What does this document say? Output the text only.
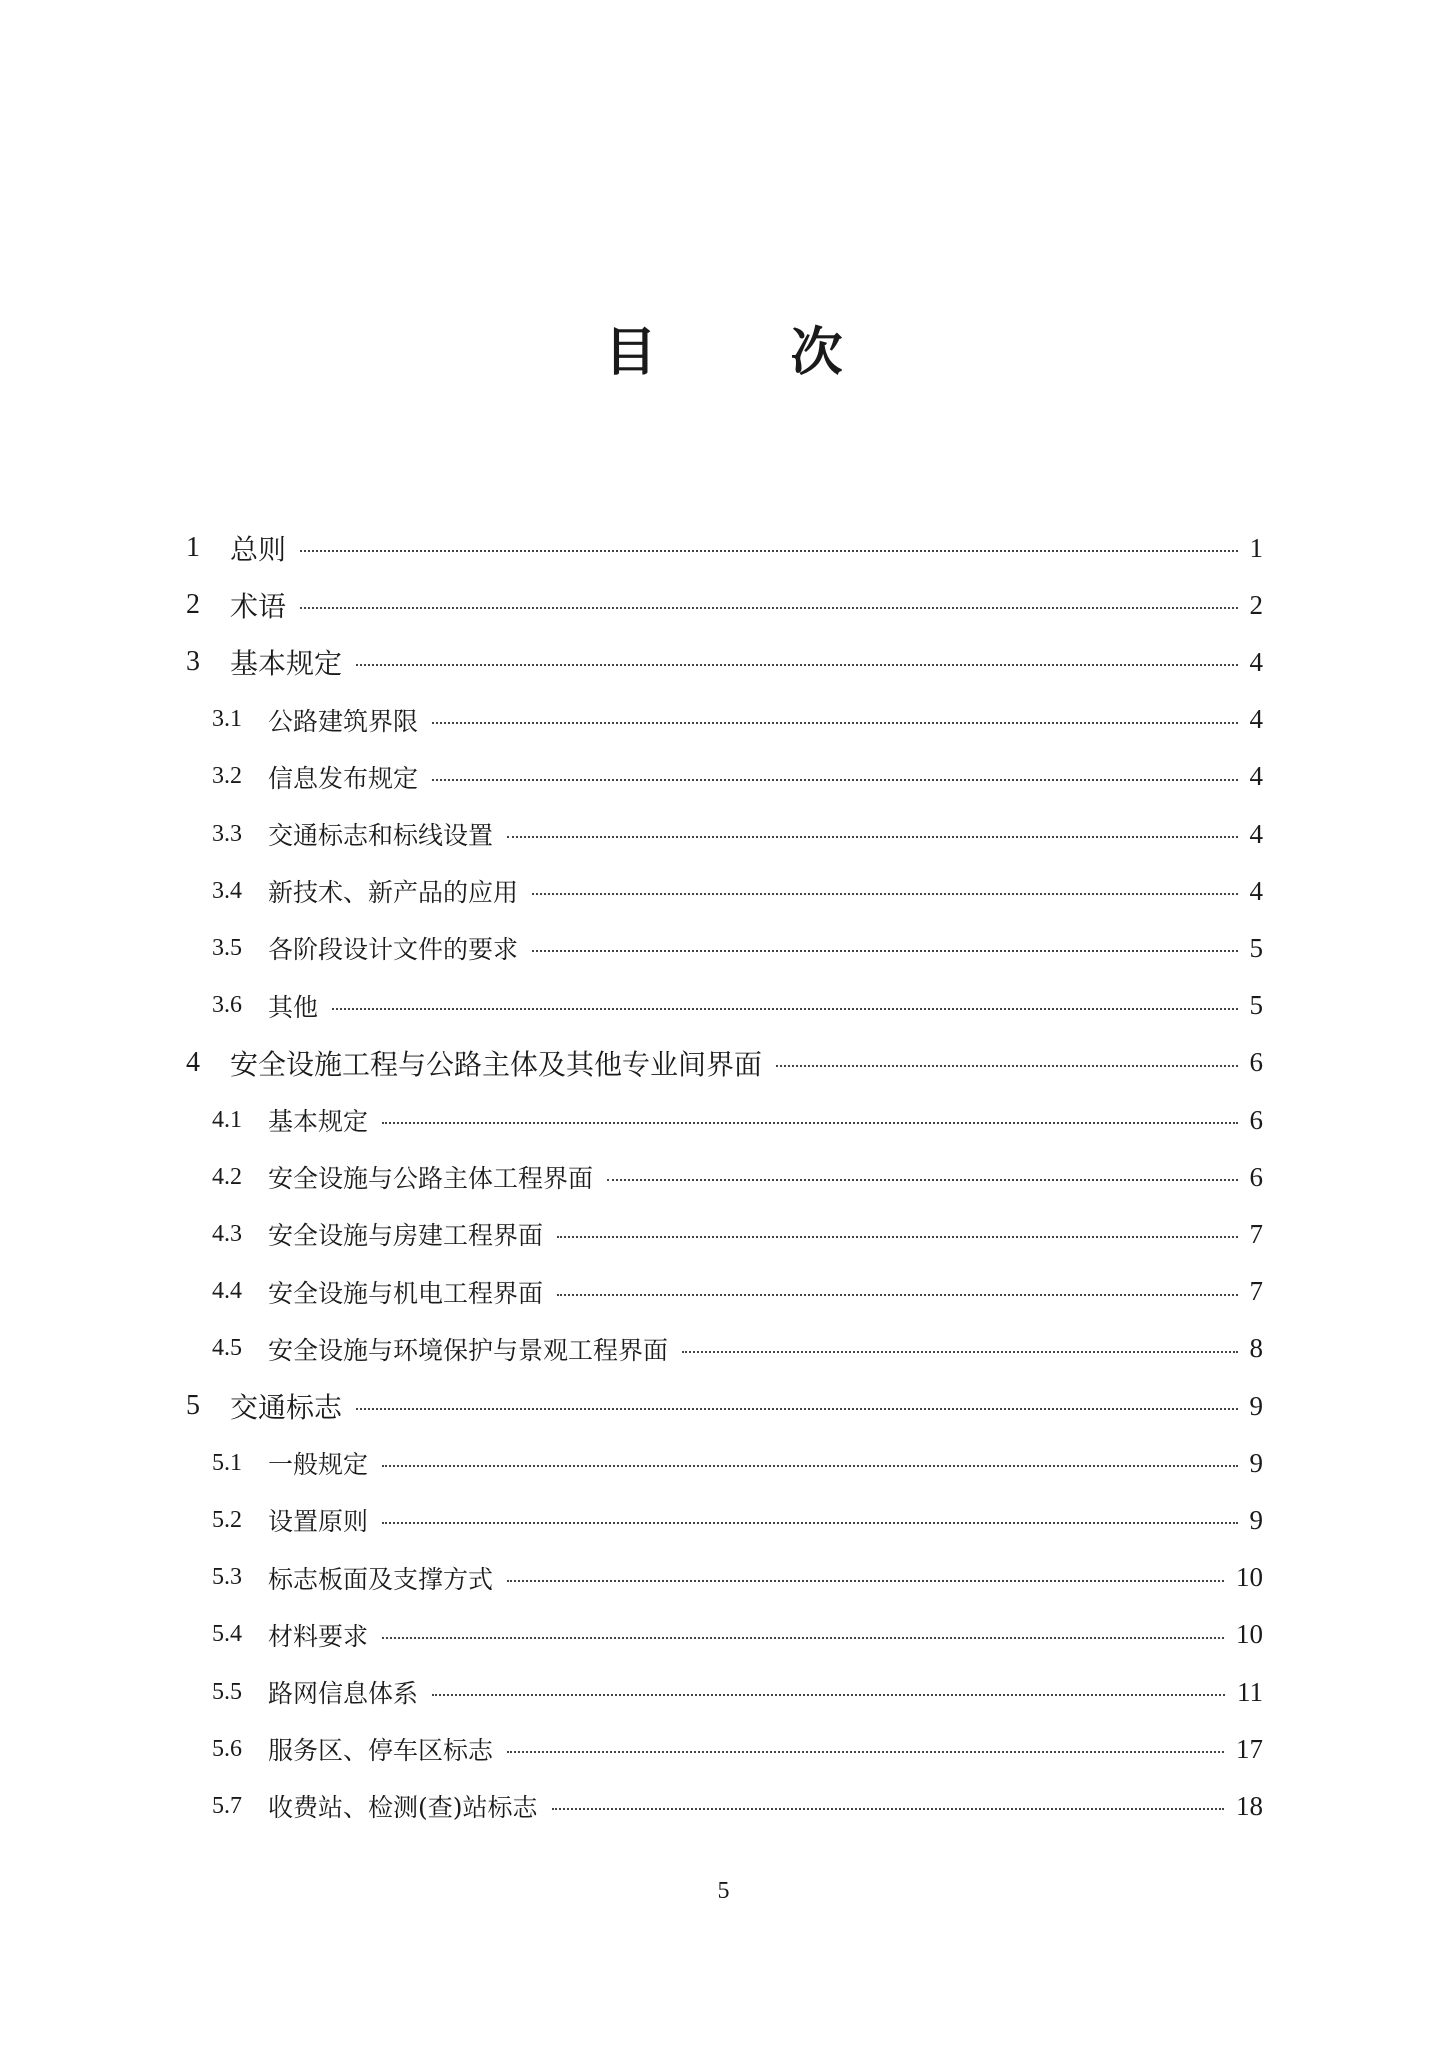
目 次
1 总则	1
2 术语	2
3 基本规定	4
3.1 公路建筑界限	4
3.2 信息发布规定	4
3.3 交通标志和标线设置	4
3.4 新技术、新产品的应用	4
3.5 各阶段设计文件的要求	5
3.6 其他	5
4 安全设施工程与公路主体及其他专业间界面	6
4.1 基本规定	6
4.2 安全设施与公路主体工程界面	6
4.3 安全设施与房建工程界面	7
4.4 安全设施与机电工程界面	7
4.5 安全设施与环境保护与景观工程界面	8
5 交通标志	9
5.1 一般规定	9
5.2 设置原则	9
5.3 标志板面及支撑方式	10
5.4 材料要求	10
5.5 路网信息体系	11
5.6 服务区、停车区标志	17
5.7 收费站、检测(查)站标志	18
5
